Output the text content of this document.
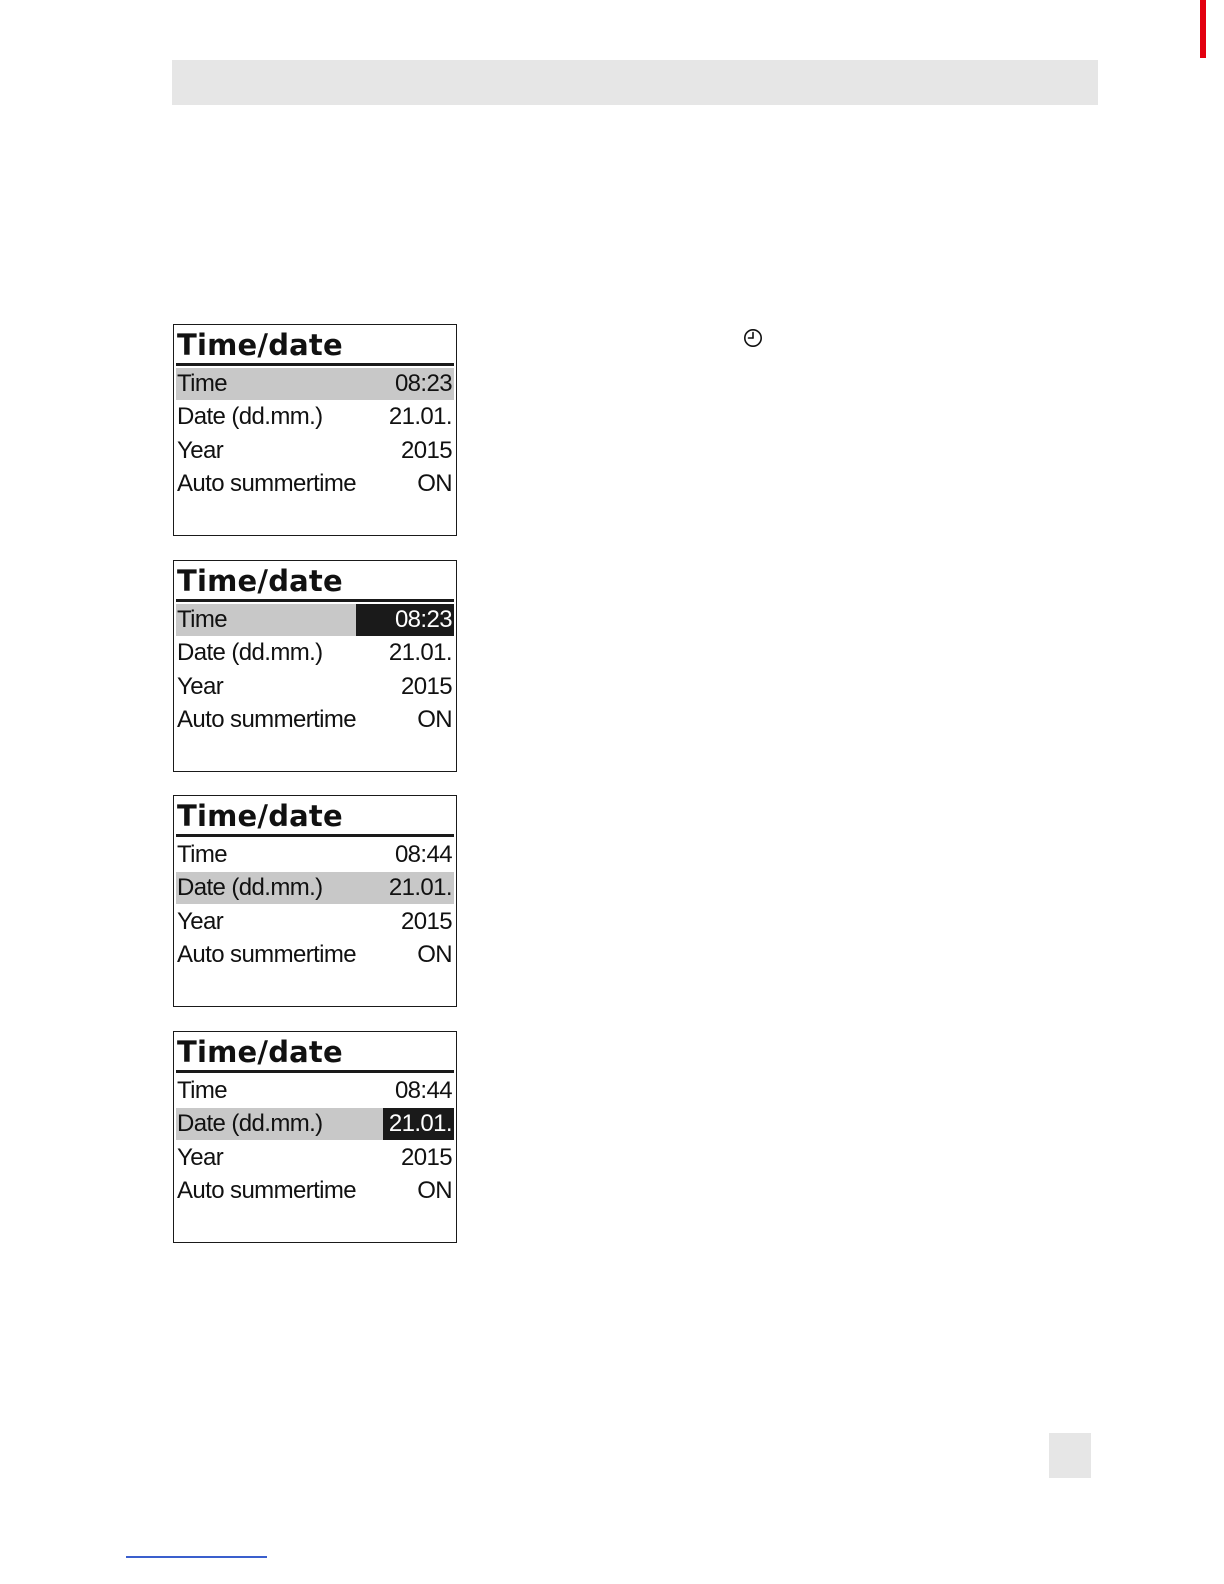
Time/date
Time	08:23
Date (dd.mm.)	21.01.
Year	2015
Auto summertime	ON
Time/date
Time	08:23
Date (dd.mm.)	21.01.
Year	2015
Auto summertime	ON
Time/date
Time	08:44
Date (dd.mm.)	21.01.
Year	2015
Auto summertime	ON
Time/date
Time	08:44
Date (dd.mm.)	21.01.
Year	2015
Auto summertime	ON
